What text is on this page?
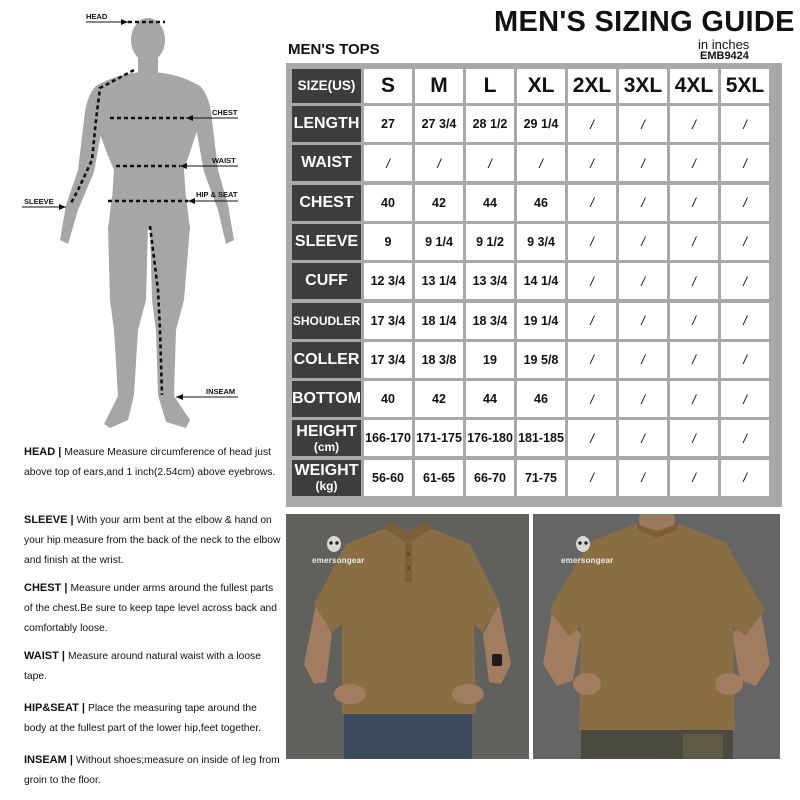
HEAD
CHEST
WAIST
HIP & SEAT
SLEEVE
INSEAM
MEN'S SIZING GUIDE
in inches
EMB9424
MEN'S TOPS
SIZE(US)	S	M	L	XL 2XL 3XL 4XL 5XL
LENGTH	27	27 3/4	28 1/2	29 1/4	/	/	/	/
WAIST	/	/	/	/	/	/	/	/
CHEST	40	42	44	46	/	/	/	/
SLEEVE	9	9 1/4	9 1/2	9 3/4	/	/	/	/
CUFF	12 3/4	13 1/4	13 3/4	14 1/4	/	/	/	/
SHOUDLER 17 3/4	18 1/4	18 3/4	19 1/4	/	/	/	/
COLLER 17 3/4	18 3/8	19	19 5/8	/	/	/	/
BOTTOM	40	42	44	46	/	/	/	/
HEIGHT
(cm)
166-170 171-175 176-180 181-185	/	/	/	/
WEIGHT
(kg)
56-60	61-65	66-70	71-75	/	/	/	/
HEAD | Measure Measure circumference of head just above top of ears,and 1 inch(2.54cm) above eyebrows.
SLEEVE | With your arm bent at the elbow & hand on your hip measure from the back of the neck to the elbow and finish at the wrist.
CHEST | Measure under arms around the fullest parts of the chest.Be sure to keep tape level across back and comfortably loose.
WAIST | Measure around natural waist with a loose tape.
HIP&SEAT | Place the measuring tape around the body at the fullest part of the lower hip,feet together.
INSEAM | Without shoes;measure on inside of leg from groin to the floor.
emersongear	emersongear
